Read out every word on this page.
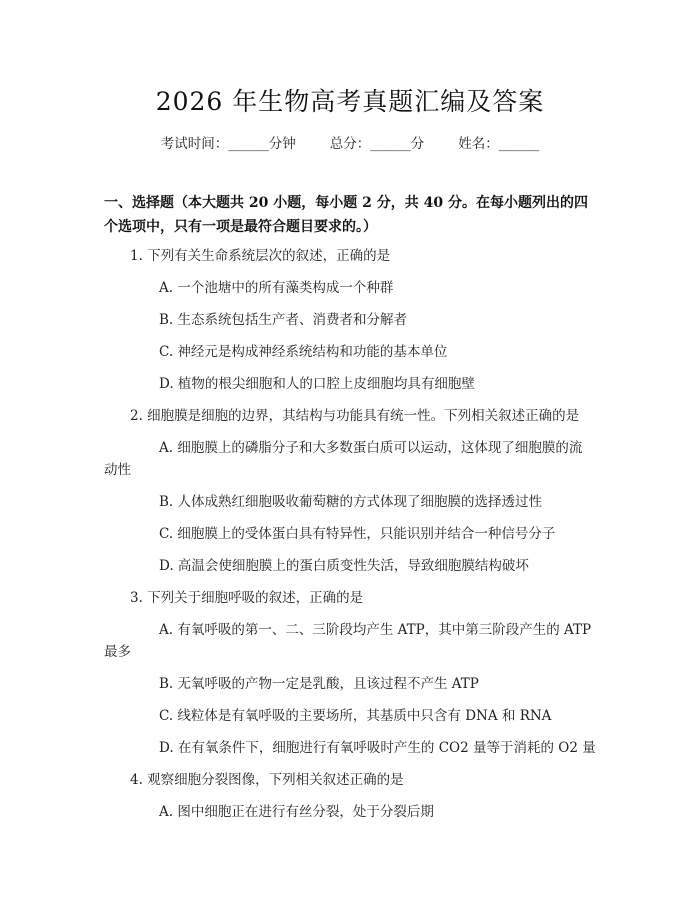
2026 年生物高考真题汇编及答案
考试时间：______分钟	总分：______分	姓名：______
一、选择题（本大题共 20 小题，每小题 2 分，共 40 分。在每小题列出的四个选项中，只有一项是最符合题目要求的。）
1. 下列有关生命系统层次的叙述，正确的是
A. 一个池塘中的所有藻类构成一个种群
B. 生态系统包括生产者、消费者和分解者
C. 神经元是构成神经系统结构和功能的基本单位
D. 植物的根尖细胞和人的口腔上皮细胞均具有细胞壁
2. 细胞膜是细胞的边界，其结构与功能具有统一性。下列相关叙述正确的是
A. 细胞膜上的磷脂分子和大多数蛋白质可以运动，这体现了细胞膜的流
动性
B. 人体成熟红细胞吸收葡萄糖的方式体现了细胞膜的选择透过性
C. 细胞膜上的受体蛋白具有特异性，只能识别并结合一种信号分子
D. 高温会使细胞膜上的蛋白质变性失活，导致细胞膜结构破坏
3. 下列关于细胞呼吸的叙述，正确的是
A. 有氧呼吸的第一、二、三阶段均产生 ATP，其中第三阶段产生的 ATP
最多
B. 无氧呼吸的产物一定是乳酸，且该过程不产生 ATP
C. 线粒体是有氧呼吸的主要场所，其基质中只含有 DNA 和 RNA
D. 在有氧条件下，细胞进行有氧呼吸时产生的 CO2 量等于消耗的 O2 量
4. 观察细胞分裂图像，下列相关叙述正确的是
A. 图中细胞正在进行有丝分裂，处于分裂后期
